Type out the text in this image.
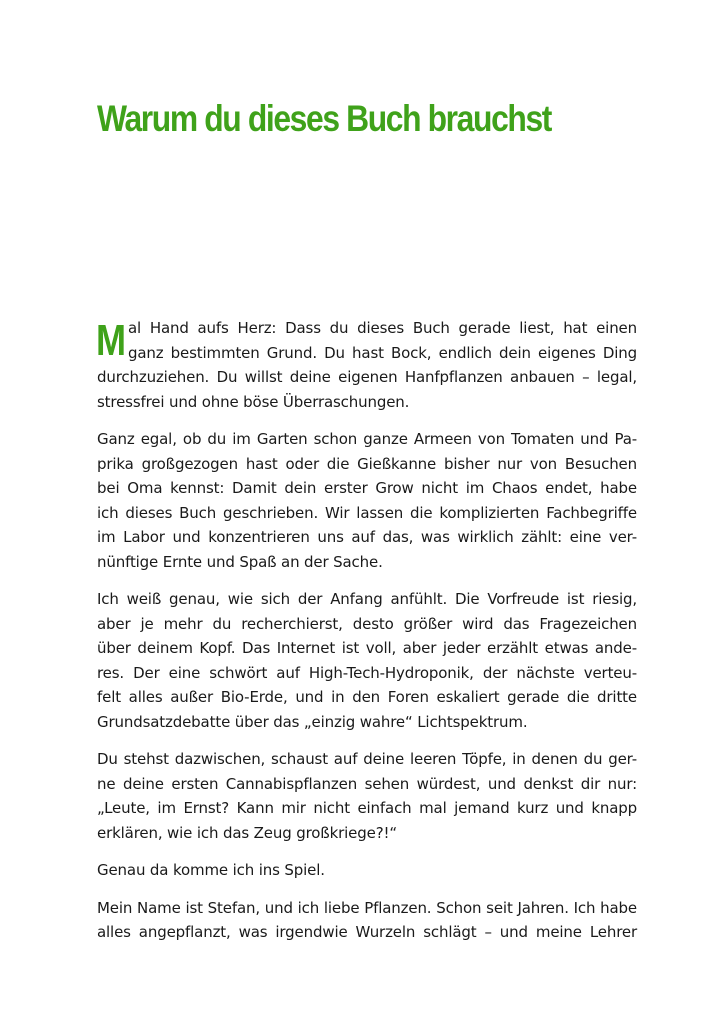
Warum du dieses Buch brauchst

M al Hand aufs Herz: Dass du dieses Buch gerade liest, hat einen
ganz bestimmten Grund. Du hast Bock, endlich dein eigenes Ding
durchzuziehen. Du willst deine eigenen Hanfpflanzen anbauen – legal,
stressfrei und ohne böse Überraschungen.

Ganz egal, ob du im Garten schon ganze Armeen von Tomaten und Pa-
prika großgezogen hast oder die Gießkanne bisher nur von Besuchen
bei Oma kennst: Damit dein erster Grow nicht im Chaos endet, habe
ich dieses Buch geschrieben. Wir lassen die komplizierten Fachbegriffe
im Labor und konzentrieren uns auf das, was wirklich zählt: eine ver-
nünftige Ernte und Spaß an der Sache.

Ich weiß genau, wie sich der Anfang anfühlt. Die Vorfreude ist riesig,
aber je mehr du recherchierst, desto größer wird das Fragezeichen
über deinem Kopf. Das Internet ist voll, aber jeder erzählt etwas ande-
res. Der eine schwört auf High-Tech-Hydroponik, der nächste verteu-
felt alles außer Bio-Erde, und in den Foren eskaliert gerade die dritte
Grundsatzdebatte über das „einzig wahre“ Lichtspektrum.

Du stehst dazwischen, schaust auf deine leeren Töpfe, in denen du ger-
ne deine ersten Cannabispflanzen sehen würdest, und denkst dir nur:
„Leute, im Ernst? Kann mir nicht einfach mal jemand kurz und knapp
erklären, wie ich das Zeug großkriege?!“

Genau da komme ich ins Spiel.

Mein Name ist Stefan, und ich liebe Pflanzen. Schon seit Jahren. Ich habe
alles angepflanzt, was irgendwie Wurzeln schlägt – und meine Lehrer
